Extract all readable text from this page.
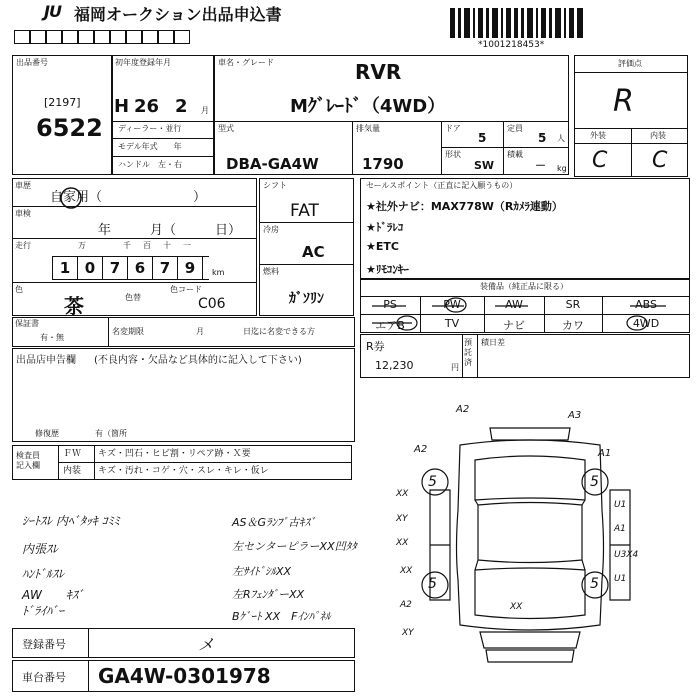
JU 福岡オークション出品申込書
*1001218453*
出品番号
[2197]
6522
初年度登録年月
H 26 2 月
ディーラー・並行
モデル年式　　年
ハンドル　左・右
車名・グレード	RVR
Mｸﾞﾚｰﾄﾞ（4WD）
型式
DBA-GA4W
排気量
1790
ドア
5
定員
5 人
形状
SW
積載
－ kg
評価点
R
外装	内装
C C
車歴
自家用（　　　　　　　）
車検
年　　　月（　　　日）
走行	万	千 百 十 一
1 0 7 6 7 9	km
色
茶	色替
色コード
C06
シフト
FAT
冷房
AC
燃料
ｶﾞｿﾘﾝ
セールスポイント（正直に記入願うもの）
★社外ナビ：MAX778W（Rｶﾒﾗ連動）
★ﾄﾞﾗﾚｺ
★ETC
★ﾘﾓｺﾝｷｰ
装備品（純正品に限る）
PS	PW	AW	SR	ABS
エアB	TV	ナビ	カワ	4WD
R券
12,230	円
預託済
積日差
保証書
有・無
名変期限	月	日迄に名変できる方
出品店申告欄 (不良内容・欠品など具体的に記入して下さい)
修復歴	有（箇所
検査員記入欄
ＦＷ キズ・凹石・ヒビ割・リペア跡・Ｘ要
内装 キズ・汚れ・コゲ・穴・スレ・キレ・仮レ
ｼｰﾄｽﾚ 内ﾍﾞﾀｯｷ ｺﾐﾐ
内張ｽﾚ
ﾊﾝﾄﾞﾙｽﾚ
AW　　ｷｽﾞ
ﾄﾞﾗｲﾊﾞｰ
AS＆Gﾗﾝﾌﾟ古ｷｽﾞ
左センターピラーXX凹ﾀﾀ
左ｻｲﾄﾞｼﾙXX
左RﾌｪﾝﾀﾞーXX
Bｹﾞｰﾄ XX　Fｲﾝﾊﾟﾈﾙ
登録番号	メ
車台番号 GA4W-0301978
A2
A3
A2	A1
5	5
5	5
XX
XY
U1
A1
U3X4
XX
XX
A2
XY
XX
U1
